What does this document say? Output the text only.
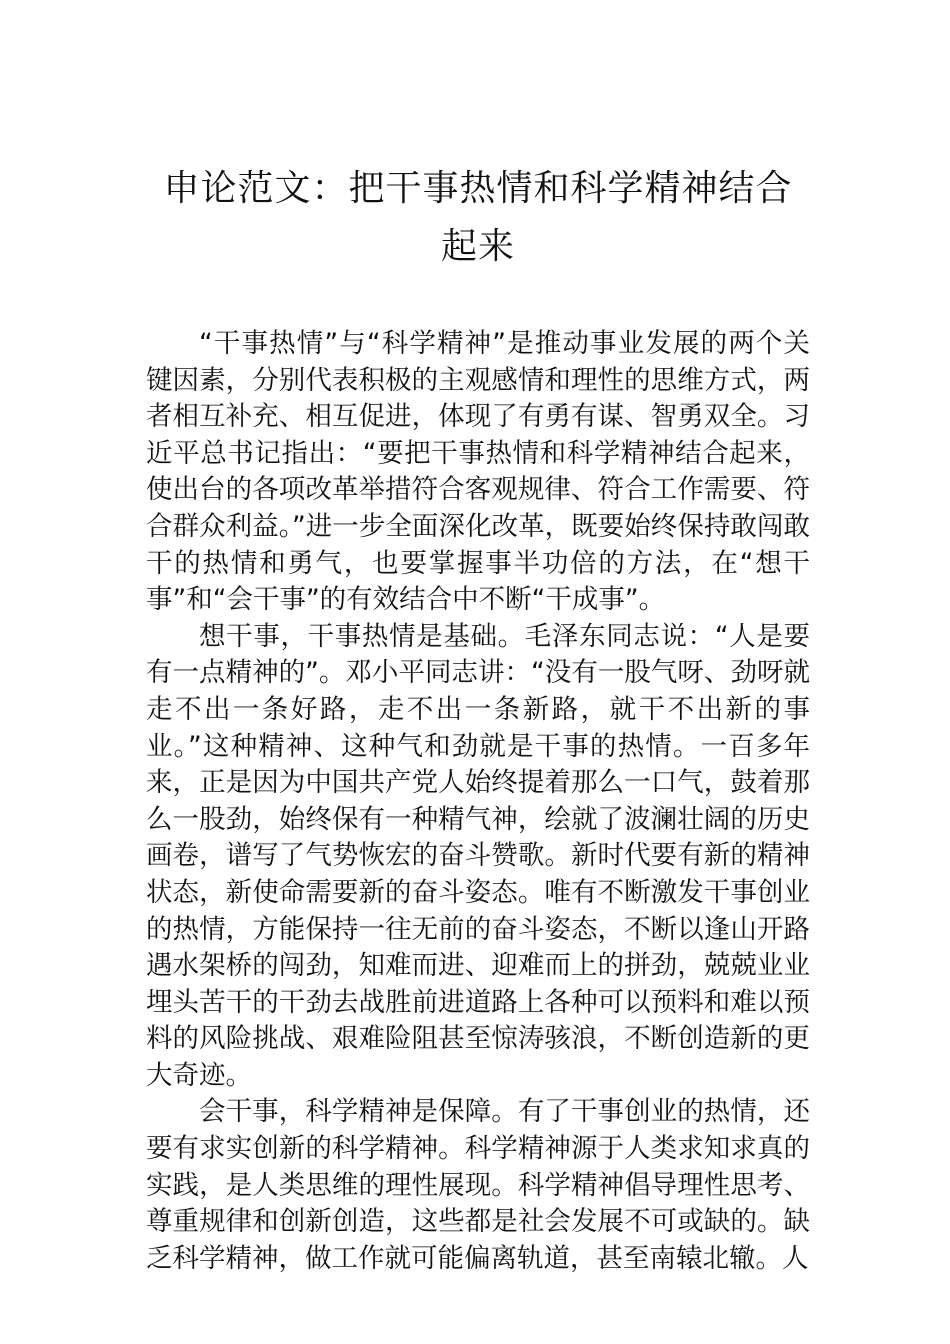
申论范文：把干事热情和科学精神结合起来

“干事热情”与“科学精神”是推动事业发展的两个关键因素，分别代表积极的主观感情和理性的思维方式，两者相互补充、相互促进，体现了有勇有谋、智勇双全。习近平总书记指出：“要把干事热情和科学精神结合起来，使出台的各项改革举措符合客观规律、符合工作需要、符合群众利益。”进一步全面深化改革，既要始终保持敢闯敢干的热情和勇气，也要掌握事半功倍的方法，在“想干事”和“会干事”的有效结合中不断“干成事”。

想干事，干事热情是基础。毛泽东同志说：“人是要有一点精神的”。邓小平同志讲：“没有一股气呀、劲呀就走不出一条好路，走不出一条新路，就干不出新的事业。”这种精神、这种气和劲就是干事的热情。一百多年来，正是因为中国共产党人始终提着那么一口气，鼓着那么一股劲，始终保有一种精气神，绘就了波澜壮阔的历史画卷，谱写了气势恢宏的奋斗赞歌。新时代要有新的精神状态，新使命需要新的奋斗姿态。唯有不断激发干事创业的热情，方能保持一往无前的奋斗姿态，不断以逢山开路遇水架桥的闯劲，知难而进、迎难而上的拼劲，兢兢业业埋头苦干的干劲去战胜前进道路上各种可以预料和难以预料的风险挑战、艰难险阻甚至惊涛骇浪，不断创造新的更大奇迹。

会干事，科学精神是保障。有了干事创业的热情，还要有求实创新的科学精神。科学精神源于人类求知求真的实践，是人类思维的理性展现。科学精神倡导理性思考、尊重规律和创新创造，这些都是社会发展不可或缺的。缺乏科学精神，做工作就可能偏离轨道，甚至南辕北辙。人
